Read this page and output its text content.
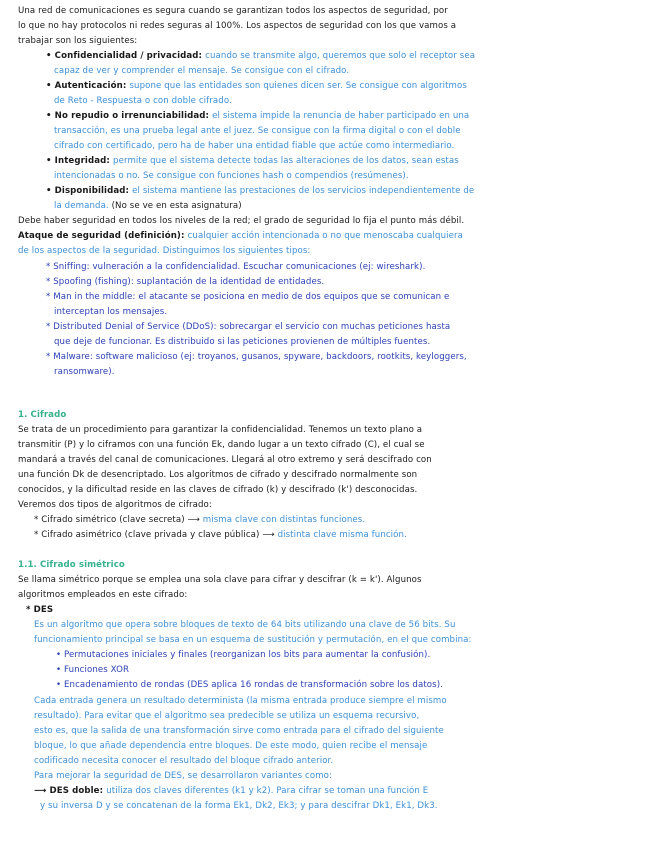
Una red de comunicaciones es segura cuando se garantizan todos los aspectos de seguridad, por
lo que no hay protocolos ni redes seguras al 100%. Los aspectos de seguridad con los que vamos a
trabajar son los siguientes:
• Confidencialidad / privacidad: cuando se transmite algo, queremos que solo el receptor sea
capaz de ver y comprender el mensaje. Se consigue con el cifrado.
• Autenticación: supone que las entidades son quienes dicen ser. Se consigue con algoritmos
de Reto - Respuesta o con doble cifrado.
• No repudio o irrenunciabilidad: el sistema impide la renuncia de haber participado en una
transacción, es una prueba legal ante el juez. Se consigue con la firma digital o con el doble
cifrado con certificado, pero ha de haber una entidad fiable que actúe como intermediario.
• Integridad: permite que el sistema detecte todas las alteraciones de los datos, sean estas
intencionadas o no. Se consigue con funciones hash o compendios (resúmenes).
• Disponibilidad: el sistema mantiene las prestaciones de los servicios independientemente de
la demanda. (No se ve en esta asignatura)
Debe haber seguridad en todos los niveles de la red; el grado de seguridad lo fija el punto más débil.
Ataque de seguridad (definición): cualquier acción intencionada o no que menoscaba cualquiera
de los aspectos de la seguridad. Distinguimos los siguientes tipos:
* Sniffing: vulneración a la confidencialidad. Escuchar comunicaciones (ej: wireshark).
* Spoofing (fishing): suplantación de la identidad de entidades.
* Man in the middle: el atacante se posiciona en medio de dos equipos que se comunican e
interceptan los mensajes.
* Distributed Denial of Service (DDoS): sobrecargar el servicio con muchas peticiones hasta
que deje de funcionar. Es distribuido si las peticiones provienen de múltiples fuentes.
* Malware: software malicioso (ej: troyanos, gusanos, spyware, backdoors, rootkits, keyloggers,
ransomware).
1. Cifrado
Se trata de un procedimiento para garantizar la confidencialidad. Tenemos un texto plano a
transmitir (P) y lo ciframos con una función Ek, dando lugar a un texto cifrado (C), el cual se
mandará a través del canal de comunicaciones. Llegará al otro extremo y será descifrado con
una función Dk de desencriptado. Los algoritmos de cifrado y descifrado normalmente son
conocidos, y la dificultad reside en las claves de cifrado (k) y descifrado (k') desconocidas.
Veremos dos tipos de algoritmos de cifrado:
* Cifrado simétrico (clave secreta) ⟶ misma clave con distintas funciones.
* Cifrado asimétrico (clave privada y clave pública) ⟶ distinta clave misma función.
1.1. Cifrado simétrico
Se llama simétrico porque se emplea una sola clave para cifrar y descifrar (k = k'). Algunos
algoritmos empleados en este cifrado:
* DES
Es un algoritmo que opera sobre bloques de texto de 64 bits utilizando una clave de 56 bits. Su
funcionamiento principal se basa en un esquema de sustitución y permutación, en el que combina:
• Permutaciones iniciales y finales (reorganizan los bits para aumentar la confusión).
• Funciones XOR
• Encadenamiento de rondas (DES aplica 16 rondas de transformación sobre los datos).
Cada entrada genera un resultado determinista (la misma entrada produce siempre el mismo
resultado). Para evitar que el algoritmo sea predecible se utiliza un esquema recursivo,
esto es, que la salida de una transformación sirve como entrada para el cifrado del siguiente
bloque, lo que añade dependencia entre bloques. De este modo, quien recibe el mensaje
codificado necesita conocer el resultado del bloque cifrado anterior.
Para mejorar la seguridad de DES, se desarrollaron variantes como:
⟶ DES doble: utiliza dos claves diferentes (k1 y k2). Para cifrar se toman una función E
y su inversa D y se concatenan de la forma Ek1, Dk2, Ek3; y para descifrar Dk1, Ek1, Dk3.
